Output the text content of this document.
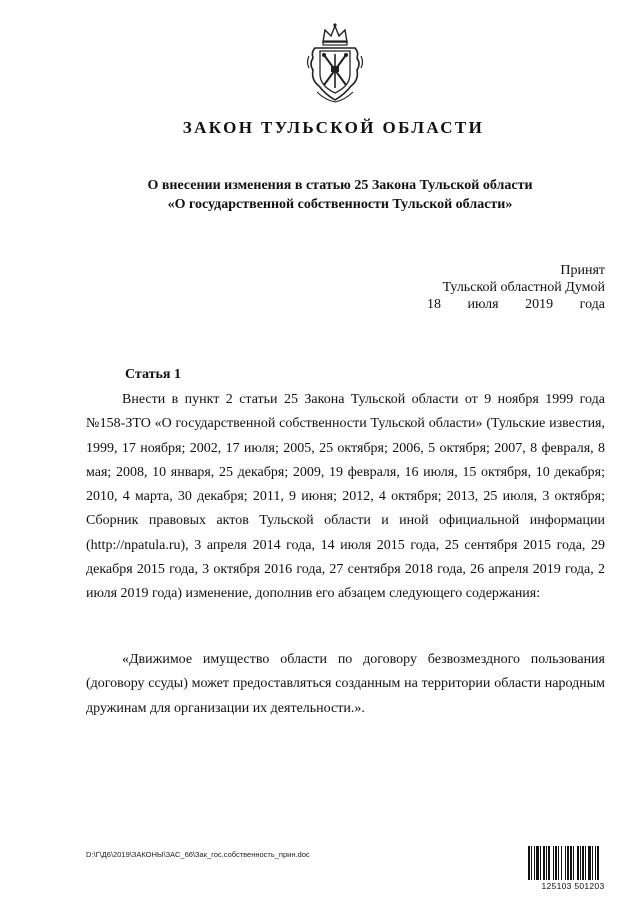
ЗАКОН ТУЛЬСКОЙ ОБЛАСТИ
О внесении изменения в статью 25 Закона Тульской области
«О государственной собственности Тульской области»
Принят
Тульской областной Думой
18 июля 2019 года
Статья 1
Внести в пункт 2 статьи 25 Закона Тульской области от 9 ноября 1999 года №158-ЗТО «О государственной собственности Тульской области» (Тульские известия, 1999, 17 ноября; 2002, 17 июля; 2005, 25 октября; 2006, 5 октября; 2007, 8 февраля, 8 мая; 2008, 10 января, 25 декабря; 2009, 19 февраля, 16 июля, 15 октября, 10 декабря; 2010, 4 марта, 30 декабря; 2011, 9 июня; 2012, 4 октября; 2013, 25 июля, 3 октября; Сборник правовых актов Тульской области и иной официальной информации (http://npatula.ru), 3 апреля 2014 года, 14 июля 2015 года, 25 сентября 2015 года, 29 декабря 2015 года, 3 октября 2016 года, 27 сентября 2018 года, 26 апреля 2019 года, 2 июля 2019 года) изменение, дополнив его абзацем следующего содержания:
«Движимое имущество области по договору безвозмездного пользования (договору ссуды) может предоставляться созданным на территории области народным дружинам для организации их деятельности.».
D:\Г\Д6\2019\ЗАКОНЫ\ЗАС_66\Зак_гос.собственность_прин.doc
125103 501203
